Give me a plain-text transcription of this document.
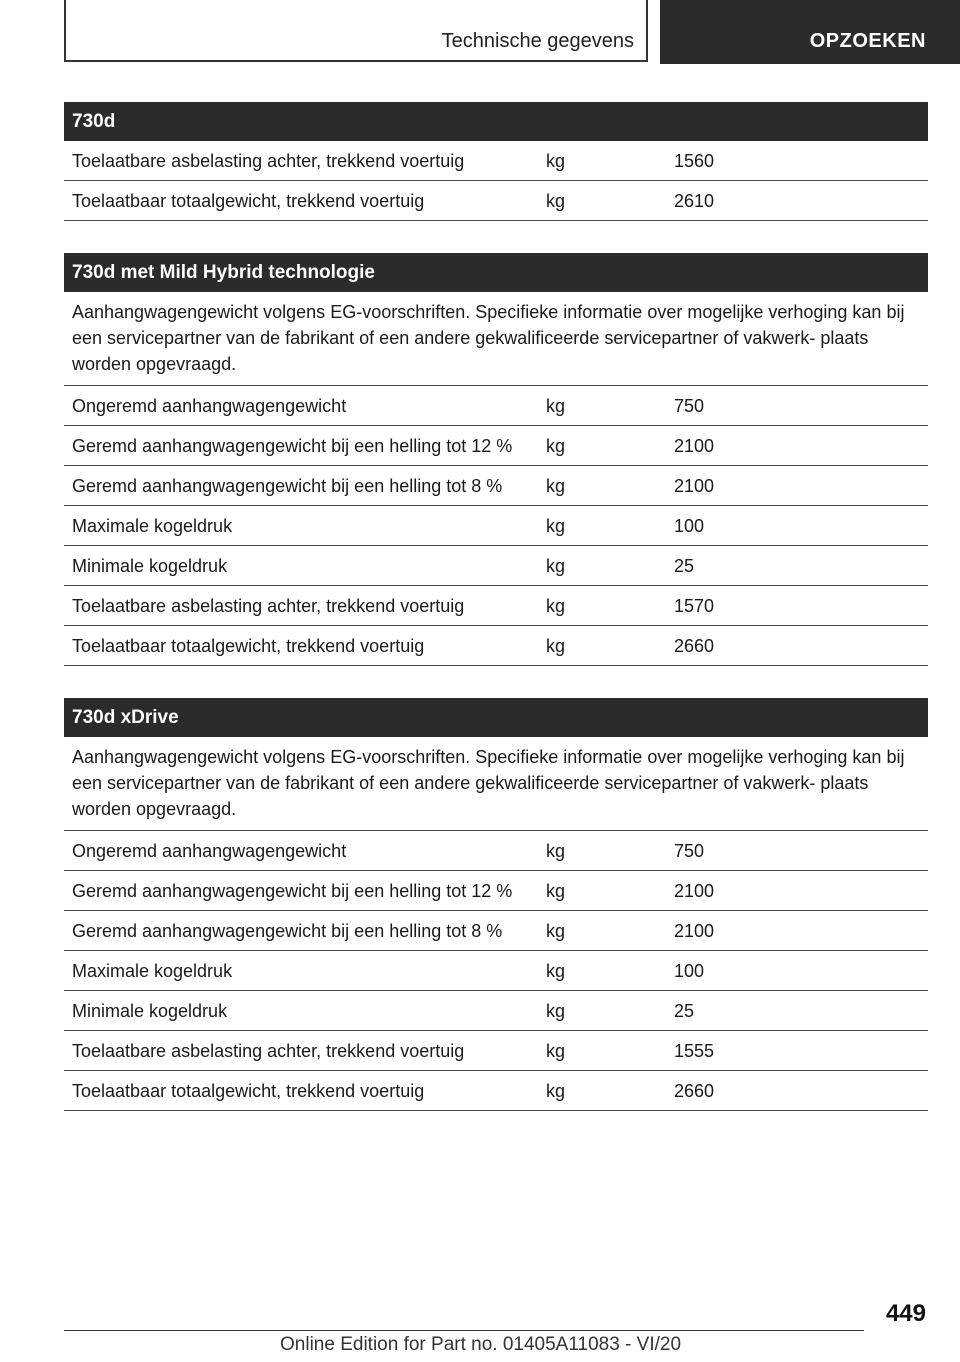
Technische gegevens	OPZOEKEN
730d
Toelaatbare asbelasting achter, trekkend voertuig	kg	1560
Toelaatbaar totaalgewicht, trekkend voertuig	kg	2610
730d met Mild Hybrid technologie
Aanhangwagengewicht volgens EG-voorschriften. Specifieke informatie over mogelijke verhoging kan bij een servicepartner van de fabrikant of een andere gekwalificeerde servicepartner of vakwerk- plaats worden opgevraagd.
Ongeremd aanhangwagengewicht	kg	750
Geremd aanhangwagengewicht bij een helling tot 12 %	kg	2100
Geremd aanhangwagengewicht bij een helling tot 8 %	kg	2100
Maximale kogeldruk	kg	100
Minimale kogeldruk	kg	25
Toelaatbare asbelasting achter, trekkend voertuig	kg	1570
Toelaatbaar totaalgewicht, trekkend voertuig	kg	2660
730d xDrive
Aanhangwagengewicht volgens EG-voorschriften. Specifieke informatie over mogelijke verhoging kan bij een servicepartner van de fabrikant of een andere gekwalificeerde servicepartner of vakwerk- plaats worden opgevraagd.
Ongeremd aanhangwagengewicht	kg	750
Geremd aanhangwagengewicht bij een helling tot 12 %	kg	2100
Geremd aanhangwagengewicht bij een helling tot 8 %	kg	2100
Maximale kogeldruk	kg	100
Minimale kogeldruk	kg	25
Toelaatbare asbelasting achter, trekkend voertuig	kg	1555
Toelaatbaar totaalgewicht, trekkend voertuig	kg	2660
449
Online Edition for Part no. 01405A11083 - VI/20
